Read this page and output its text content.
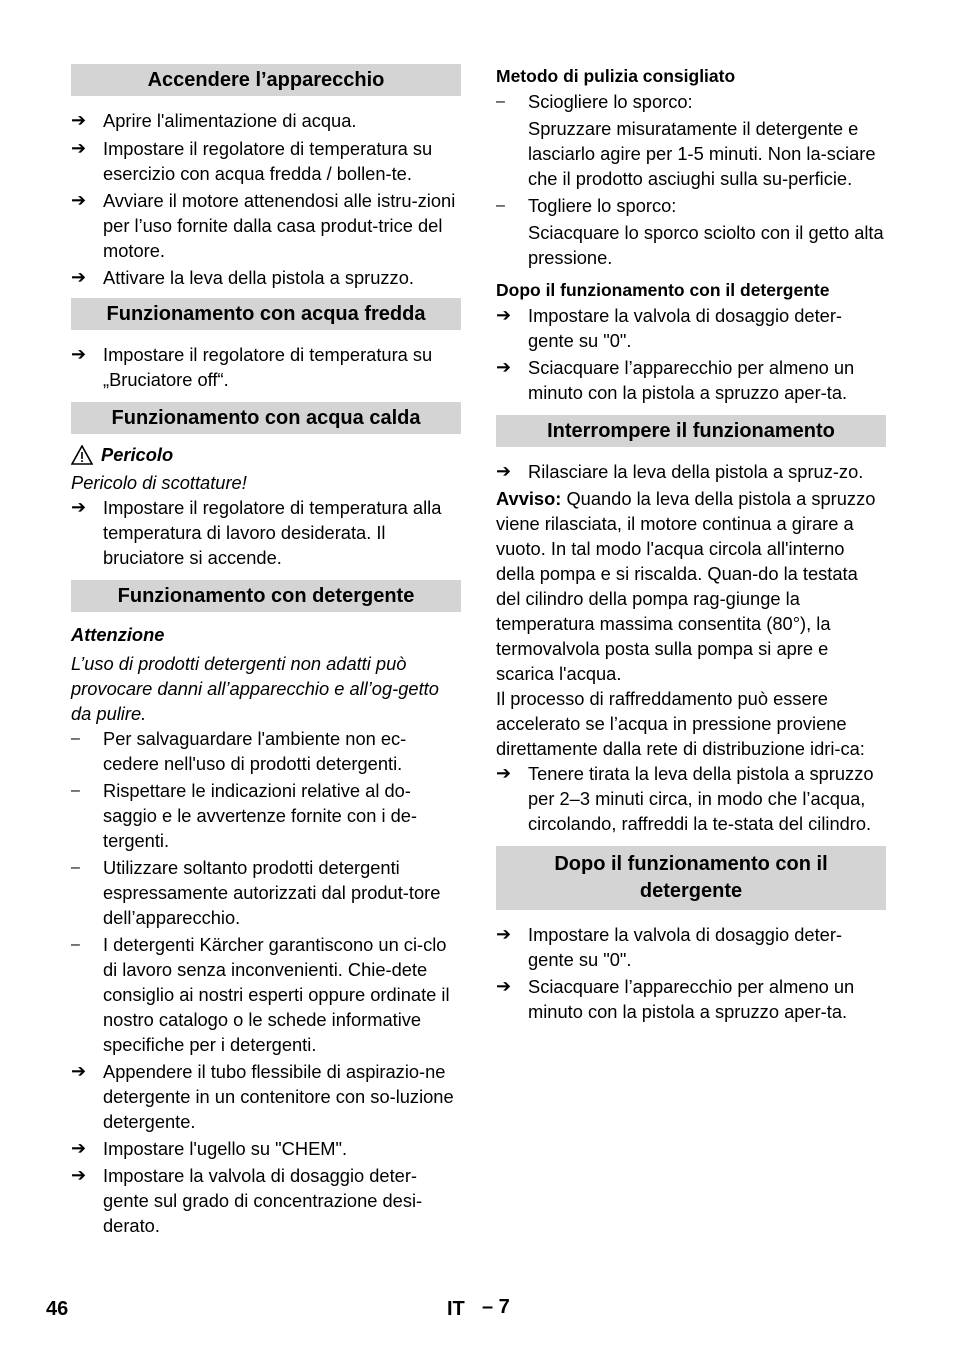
Accendere l’apparecchio
➔ Aprire l'alimentazione di acqua.
➔ Impostare il regolatore di temperatura su esercizio con acqua fredda / bollen-te.
➔ Avviare il motore attenendosi alle istru-zioni per l’uso fornite dalla casa produt-trice del motore.
➔ Attivare la leva della pistola a spruzzo.
Funzionamento con acqua fredda
➔ Impostare il regolatore di temperatura su „Bruciatore off“.
Funzionamento con acqua calda

Pericolo

Pericolo di scottature!

➔ Impostare il regolatore di temperatura alla temperatura di lavoro desiderata. Il bruciatore si accende.
Funzionamento con detergente

Attenzione

L’uso di prodotti detergenti non adatti può provocare danni all’apparecchio e all’og-getto da pulire.

–	Per salvaguardare l'ambiente non ec-cedere nell'uso di prodotti detergenti.
–	Rispettare le indicazioni relative al do-saggio e le avvertenze fornite con i de-tergenti.
–	Utilizzare soltanto prodotti detergenti espressamente autorizzati dal produt-tore dell’apparecchio.
–	I detergenti Kärcher garantiscono un ci-clo di lavoro senza inconvenienti. Chie-dete consiglio ai nostri esperti oppure ordinate il nostro catalogo o le schede informative specifiche per i detergenti.
➔ Appendere il tubo flessibile di aspirazio-ne detergente in un contenitore con so-luzione detergente.
➔ Impostare l'ugello su "CHEM".
➔ Impostare la valvola di dosaggio deter-gente sul grado di concentrazione desi-derato.

Metodo di pulizia consigliato

–	Sciogliere lo sporco:

Spruzzare misuratamente il detergente e lasciarlo agire per 1-5 minuti. Non la-sciare che il prodotto asciughi sulla su-perficie.

–	Togliere lo sporco:

Sciacquare lo sporco sciolto con il getto alta pressione.

Dopo il funzionamento con il detergente

➔ Impostare la valvola di dosaggio deter-gente su "0".
➔ Sciacquare l’apparecchio per almeno un minuto con la pistola a spruzzo aper-ta.
Interrompere il funzionamento
➔ Rilasciare la leva della pistola a spruz-zo.

Avviso: Quando la leva della pistola a spruzzo viene rilasciata, il motore continua a girare a vuoto. In tal modo l'acqua circola all'interno della pompa e si riscalda. Quan-do la testata del cilindro della pompa rag-giunge la temperatura massima consentita (80°), la termovalvola posta sulla pompa si apre e scarica l'acqua.

Il processo di raffreddamento può essere accelerato se l’acqua in pressione proviene direttamente dalla rete di distribuzione idri-ca:

➔ Tenere tirata la leva della pistola a spruzzo per 2–3 minuti circa, in modo che l’acqua, circolando, raffreddi la te-stata del cilindro.
Dopo il funzionamento con il detergente
➔ Impostare la valvola di dosaggio deter-gente su "0".
➔ Sciacquare l’apparecchio per almeno un minuto con la pistola a spruzzo aper-ta.
46	IT – 7
